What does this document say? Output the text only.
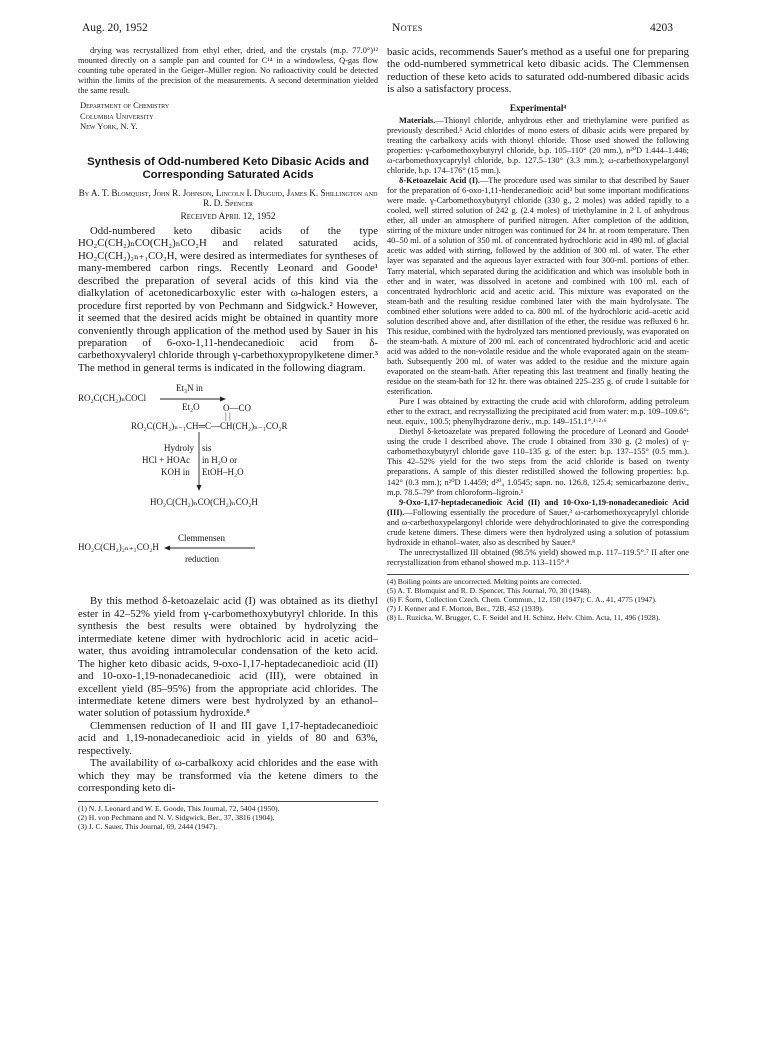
Aug. 20, 1952	Notes	4203

drying was recrystallized from ethyl ether, dried, and the crystals (m.p. 77.0°)¹² mounted directly on a sample pan and counted for C¹⁴ in a windowless, Q-gas flow counting tube operated in the Geiger–Müller region. No radioactivity could be detected within the limits of the precision of the measurements. A second determination yielded the same result.

Department of Chemistry
Columbia University
New York, N. Y.
Synthesis of Odd-numbered Keto Dibasic Acids and Corresponding Saturated Acids
By A. T. Blomquist, John R. Johnson, Lincoln I. Diuguid, James K. Shillington and R. D. Spencer
Received April 12, 1952

Odd-numbered keto dibasic acids of the type HO₂C(CH₂)ₙCO(CH₂)ₙCO₂H and related saturated acids, HO₂C(CH₂)₂ₙ₊₁CO₂H, were desired as intermediates for syntheses of many-membered carbon rings. Recently Leonard and Goode¹ described the preparation of several acids of this kind via the dialkylation of acetonedicarboxylic ester with ω-halogen esters, a procedure first reported by von Pechmann and Sidgwick.² However, it seemed that the desired acids might be obtained in quantity more conveniently through application of the method used by Sauer in his preparation of 6-oxo-1,11-hendecanedioic acid from δ-carbethoxyvaleryl chloride through γ-carbethoxypropylketene dimer.³ The method in general terms is indicated in the following diagram.

RO₂C(CH₂)ₙCOCl
Et₃N in
Et₂O	O—CO
| |
RO₂C(CH₂)ₙ₋₁CH═C—CH(CH₂)ₙ₋₁CO₂R
Hydroly sis
HCl + HOAc in H₂O or
KOH in EtOH–H₂O
HO₂C(CH₂)ₙCO(CH₂)ₙCO₂H
Clemmensen
HO₂C(CH₂)₂ₙ₊₁CO₂H
reduction

By this method δ-ketoazelaic acid (I) was obtained as its diethyl ester in 42–52% yield from γ-carbomethoxybutyryl chloride. In this synthesis the best results were obtained by hydrolyzing the intermediate ketene dimer with hydrochloric acid in acetic acid–water, thus avoiding intramolecular condensation of the keto acid. The higher keto dibasic acids, 9-oxo-1,17-heptadecanedioic acid (II) and 10-oxo-1,19-nonadecanedioic acid (III), were obtained in excellent yield (85–95%) from the appropriate acid chlorides. The intermediate ketene dimers were best hydrolyzed by an ethanol–water solution of potassium hydroxide.⁸

Clemmensen reduction of II and III gave 1,17-heptadecanedioic acid and 1,19-nonadecanedioic acid in yields of 80 and 63%, respectively.

The availability of ω-carbalkoxy acid chlorides and the ease with which they may be transformed via the ketene dimers to the corresponding keto di-

(1) N. J. Leonard and W. E. Goode, This Journal, 72, 5404 (1950).
(2) H. von Pechmann and N. V. Sidgwick, Ber., 37, 3816 (1904).
(3) J. C. Sauer, This Journal, 69, 2444 (1947).

basic acids, recommends Sauer's method as a useful one for preparing the odd-numbered symmetrical keto dibasic acids. The Clemmensen reduction of these keto acids to saturated odd-numbered dibasic acids is also a satisfactory process.

Experimental⁴

Materials.—Thionyl chloride, anhydrous ether and triethylamine were purified as previously described.⁵ Acid chlorides of mono esters of dibasic acids were prepared by treating the carbalkoxy acids with thionyl chloride. Those used showed the following properties: γ-carbomethoxybutyryl chloride, b.p. 105–110° (20 mm.), n²⁰D 1.444–1.446; ω-carbomethoxycaprylyl chloride, b.p. 127.5–130° (3.3 mm.); ω-carbethoxypelargonyl chloride, b.p. 174–176° (15 mm.).

δ-Ketoazelaic Acid (I).—The procedure used was similar to that described by Sauer for the preparation of 6-oxo-1,11-hendecanedioic acid³ but some important modifications were made. γ-Carbomethoxybutyryl chloride (330 g., 2 moles) was added rapidly to a cooled, well stirred solution of 242 g. (2.4 moles) of triethylamine in 2 l. of anhydrous ether, all under an atmosphere of purified nitrogen. After completion of the addition, stirring of the mixture under nitrogen was continued for 24 hr. at room temperature. Then 40–50 ml. of a solution of 350 ml. of concentrated hydrochloric acid in 490 ml. of glacial acetic was added with stirring, followed by the addition of 300 ml. of water. The ether layer was separated and the aqueous layer extracted with four 300-ml. portions of ether. Tarry material, which separated during the acidification and which was insoluble both in ether and in water, was dissolved in acetone and combined with 100 ml. each of concentrated hydrochloric acid and acetic acid. This mixture was evaporated on the steam-bath and the resulting residue combined later with the main hydrolysate. The combined ether solutions were added to ca. 800 ml. of the hydrochloric acid–acetic acid solution described above and, after distillation of the ether, the residue was refluxed 6 hr. This residue, combined with the hydrolyzed tars mentioned previously, was evaporated on the steam-bath. A mixture of 200 ml. each of concentrated hydrochloric acid and acetic acid was added to the non-volatile residue and the whole evaporated again on the steam-bath. Subsequently 200 ml. of water was added to the residue and the mixture again evaporated on the steam-bath. After repeating this last treatment and finally heating the residue on the steam-bath for 12 hr. there was obtained 225–235 g. of crude I suitable for esterification.

Pure I was obtained by extracting the crude acid with chloroform, adding petroleum ether to the extract, and recrystallizing the precipitated acid from water: m.p. 109–109.6°; neut. equiv., 100.5; phenylhydrazone deriv., m.p. 149–151.1°.¹·²·⁶

Diethyl δ-ketoazelate was prepared following the procedure of Leonard and Goode¹ using the crude I described above. The crude I obtained from 330 g. (2 moles) of γ-carbomethoxybutyryl chloride gave 110–135 g. of the ester: b.p. 137–155° (0.5 mm.). This 42–52% yield for the two steps from the acid chloride is based on twenty preparations. A sample of this diester redistilled showed the following properties: b.p. 142° (0.3 mm.); n²⁰D 1.4459; d²⁰₄ 1.0545; sapn. no. 126.8, 125.4; semicarbazone deriv., m.p. 78.5–79° from chloroform–ligroin.¹

9-Oxo-1,17-heptadecanedioic Acid (II) and 10-Oxo-1,19-nonadecanedioic Acid (III).—Following essentially the procedure of Sauer,³ ω-carbomethoxycaprylyl chloride and ω-carbethoxypelargonyl chloride were dehydrochlorinated to give the corresponding crude ketene dimers. These dimers were then hydrolyzed using a solution of potassium hydroxide in ethanol–water, also as described by Sauer.⁸

The unrecrystallized III obtained (98.5% yield) showed m.p. 117–119.5°.⁷ II after one recrystallization from ethanol showed m.p. 113–115°.⁸

(4) Boiling points are uncorrected. Melting points are corrected.
(5) A. T. Blomquist and R. D. Spencer, This Journal, 70, 30 (1948).
(6) F. Šorm, Collection Czech. Chem. Commun., 12, 150 (1947); C. A., 41, 4775 (1947).
(7) J. Kenner and F. Morton, Ber., 72B, 452 (1939).
(8) L. Ruzicka, W. Brugger, C. F. Seidel and H. Schinz, Helv. Chim. Acta, 11, 496 (1928).
